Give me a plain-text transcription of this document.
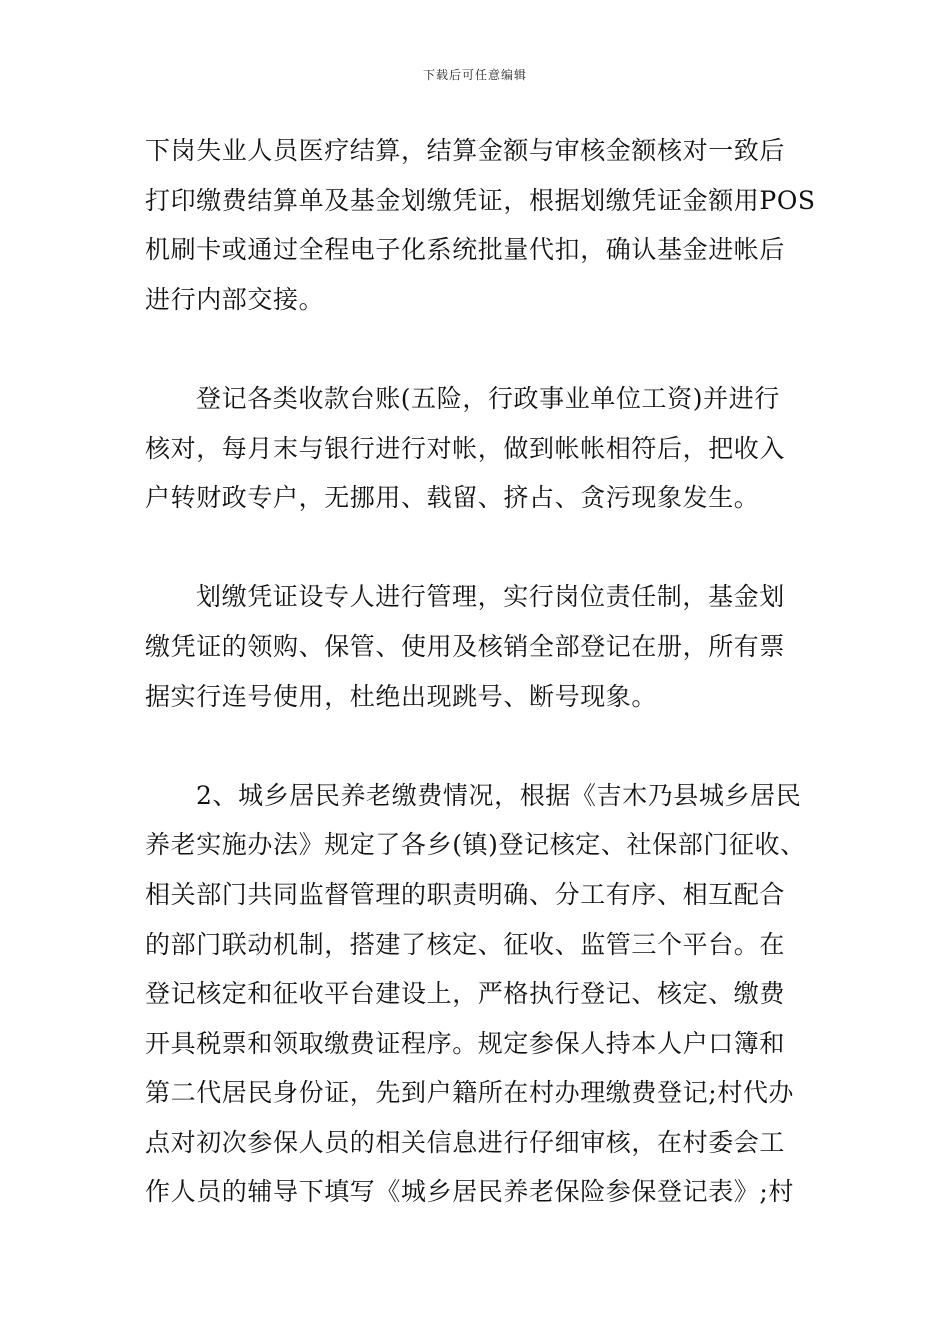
下载后可任意编辑
下岗失业人员医疗结算，结算金额与审核金额核对一致后
打印缴费结算单及基金划缴凭证，根据划缴凭证金额用POS
机刷卡或通过全程电子化系统批量代扣，确认基金进帐后
进行内部交接。
登记各类收款台账(五险，行政事业单位工资)并进行
核对，每月末与银行进行对帐，做到帐帐相符后，把收入
户转财政专户，无挪用、载留、挤占、贪污现象发生。
划缴凭证设专人进行管理，实行岗位责任制，基金划
缴凭证的领购、保管、使用及核销全部登记在册，所有票
据实行连号使用，杜绝出现跳号、断号现象。
2、城乡居民养老缴费情况，根据《吉木乃县城乡居民
养老实施办法》规定了各乡(镇)登记核定、社保部门征收、
相关部门共同监督管理的职责明确、分工有序、相互配合
的部门联动机制，搭建了核定、征收、监管三个平台。在
登记核定和征收平台建设上，严格执行登记、核定、缴费
开具税票和领取缴费证程序。规定参保人持本人户口簿和
第二代居民身份证，先到户籍所在村办理缴费登记;村代办
点对初次参保人员的相关信息进行仔细审核，在村委会工
作人员的辅导下填写《城乡居民养老保险参保登记表》;村
